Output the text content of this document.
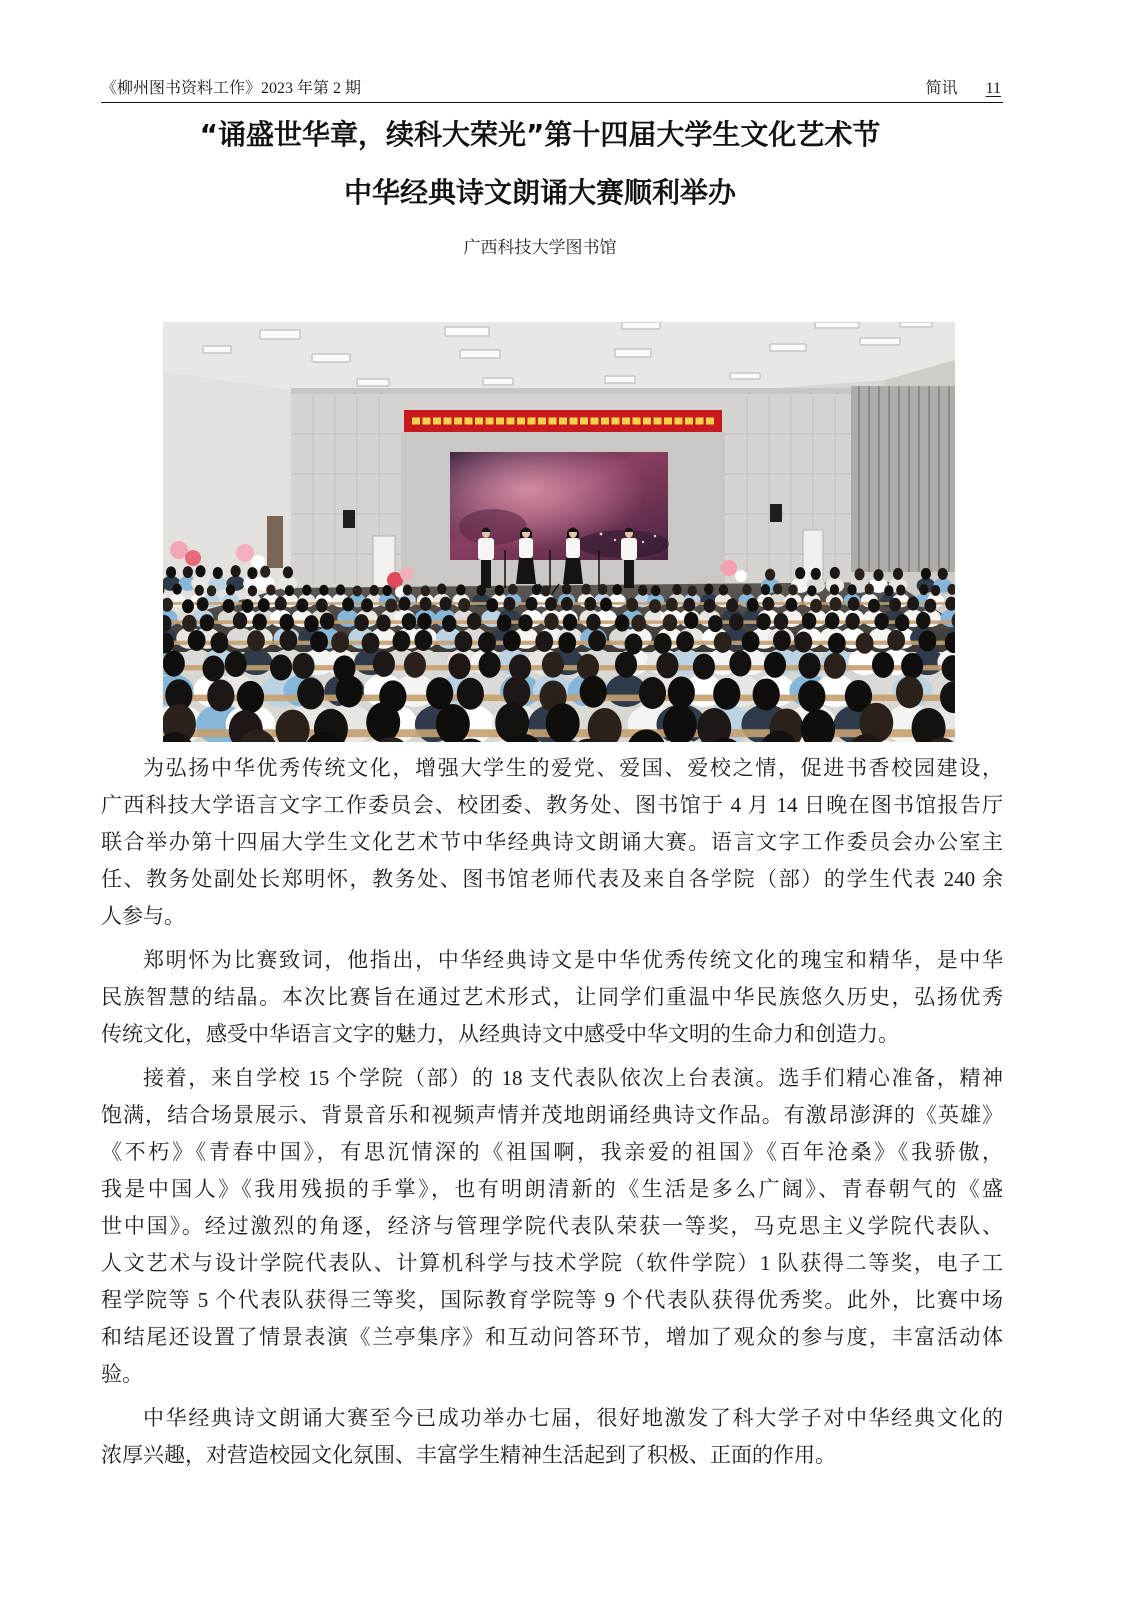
《柳州图书资料工作》2023 年第 2 期	简讯 11
“诵盛世华章，续科大荣光”第十四届大学生文化艺术节
中华经典诗文朗诵大赛顺利举办
广西科技大学图书馆
为弘扬中华优秀传统文化，增强大学生的爱党、爱国、爱校之情，促进书香校园建设，
广西科技大学语言文字工作委员会、校团委、教务处、图书馆于 4 月 14 日晚在图书馆报告厅
联合举办第十四届大学生文化艺术节中华经典诗文朗诵大赛。语言文字工作委员会办公室主
任、教务处副处长郑明怀，教务处、图书馆老师代表及来自各学院（部）的学生代表 240 余
人参与。
郑明怀为比赛致词，他指出，中华经典诗文是中华优秀传统文化的瑰宝和精华，是中华
民族智慧的结晶。本次比赛旨在通过艺术形式，让同学们重温中华民族悠久历史，弘扬优秀
传统文化，感受中华语言文字的魅力，从经典诗文中感受中华文明的生命力和创造力。
接着，来自学校 15 个学院（部）的 18 支代表队依次上台表演。选手们精心准备，精神
饱满，结合场景展示、背景音乐和视频声情并茂地朗诵经典诗文作品。有激昂澎湃的《英雄》
《不朽》《青春中国》，有思沉情深的《祖国啊，我亲爱的祖国》《百年沧桑》《我骄傲，
我是中国人》《我用残损的手掌》，也有明朗清新的《生活是多么广阔》、青春朝气的《盛
世中国》。经过激烈的角逐，经济与管理学院代表队荣获一等奖，马克思主义学院代表队、
人文艺术与设计学院代表队、计算机科学与技术学院（软件学院）1 队获得二等奖，电子工
程学院等 5 个代表队获得三等奖，国际教育学院等 9 个代表队获得优秀奖。此外，比赛中场
和结尾还设置了情景表演《兰亭集序》和互动问答环节，增加了观众的参与度，丰富活动体
验。
中华经典诗文朗诵大赛至今已成功举办七届，很好地激发了科大学子对中华经典文化的
浓厚兴趣，对营造校园文化氛围、丰富学生精神生活起到了积极、正面的作用。
